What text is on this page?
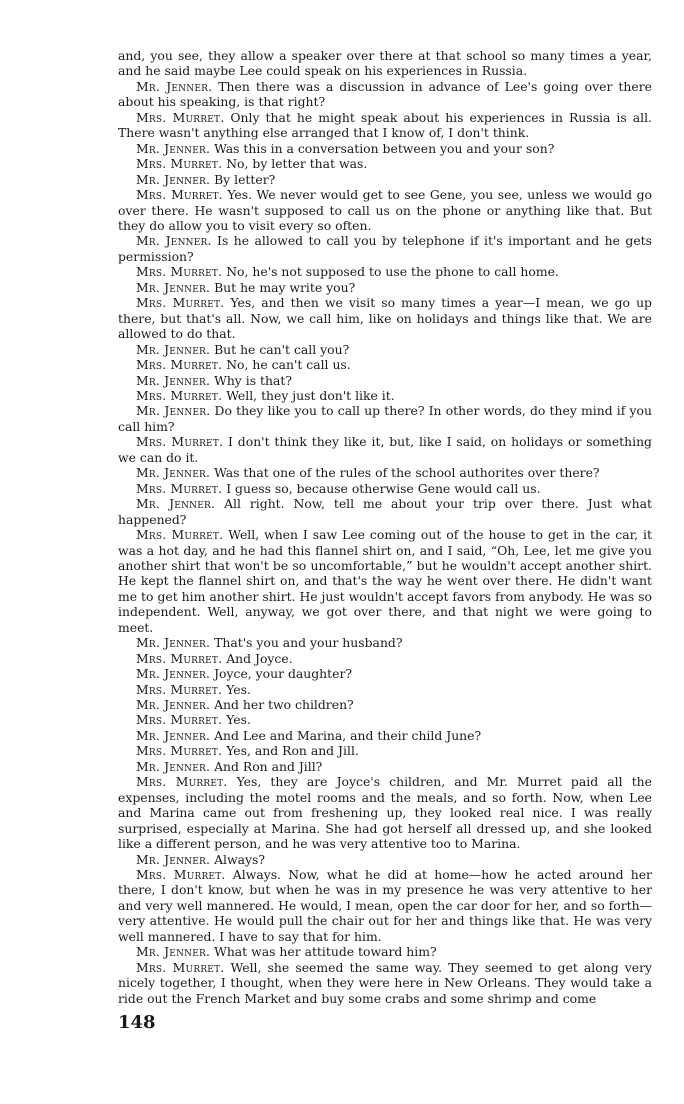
and, you see, they allow a speaker over there at that school so many times a year, and he said maybe Lee could speak on his experiences in Russia.

Mr. Jenner. Then there was a discussion in advance of Lee's going over there about his speaking, is that right?

Mrs. Murret. Only that he might speak about his experiences in Russia is all. There wasn't anything else arranged that I know of, I don't think.

Mr. Jenner. Was this in a conversation between you and your son?

Mrs. Murret. No, by letter that was.

Mr. Jenner. By letter?

Mrs. Murret. Yes. We never would get to see Gene, you see, unless we would go over there. He wasn't supposed to call us on the phone or anything like that. But they do allow you to visit every so often.

Mr. Jenner. Is he allowed to call you by telephone if it's important and he gets permission?

Mrs. Murret. No, he's not supposed to use the phone to call home.

Mr. Jenner. But he may write you?

Mrs. Murret. Yes, and then we visit so many times a year—I mean, we go up there, but that's all. Now, we call him, like on holidays and things like that. We are allowed to do that.

Mr. Jenner. But he can't call you?

Mrs. Murret. No, he can't call us.

Mr. Jenner. Why is that?

Mrs. Murret. Well, they just don't like it.

Mr. Jenner. Do they like you to call up there? In other words, do they mind if you call him?

Mrs. Murret. I don't think they like it, but, like I said, on holidays or something we can do it.

Mr. Jenner. Was that one of the rules of the school authorites over there?

Mrs. Murret. I guess so, because otherwise Gene would call us.

Mr. Jenner. All right. Now, tell me about your trip over there. Just what happened?

Mrs. Murret. Well, when I saw Lee coming out of the house to get in the car, it was a hot day, and he had this flannel shirt on, and I said, “Oh, Lee, let me give you another shirt that won't be so uncomfortable,” but he wouldn't accept another shirt. He kept the flannel shirt on, and that's the way he went over there. He didn't want me to get him another shirt. He just wouldn't accept favors from anybody. He was so independent. Well, anyway, we got over there, and that night we were going to meet.

Mr. Jenner. That's you and your husband?

Mrs. Murret. And Joyce.

Mr. Jenner. Joyce, your daughter?

Mrs. Murret. Yes.

Mr. Jenner. And her two children?

Mrs. Murret. Yes.

Mr. Jenner. And Lee and Marina, and their child June?

Mrs. Murret. Yes, and Ron and Jill.

Mr. Jenner. And Ron and Jill?

Mrs. Murret. Yes, they are Joyce's children, and Mr. Murret paid all the expenses, including the motel rooms and the meals, and so forth. Now, when Lee and Marina came out from freshening up, they looked real nice. I was really surprised, especially at Marina. She had got herself all dressed up, and she looked like a different person, and he was very attentive too to Marina.

Mr. Jenner. Always?

Mrs. Murret. Always. Now, what he did at home—how he acted around her there, I don't know, but when he was in my presence he was very attentive to her and very well mannered. He would, I mean, open the car door for her, and so forth—very attentive. He would pull the chair out for her and things like that. He was very well mannered. I have to say that for him.

Mr. Jenner. What was her attitude toward him?

Mrs. Murret. Well, she seemed the same way. They seemed to get along very nicely together, I thought, when they were here in New Orleans. They would take a ride out the French Market and buy some crabs and some shrimp and come

148
